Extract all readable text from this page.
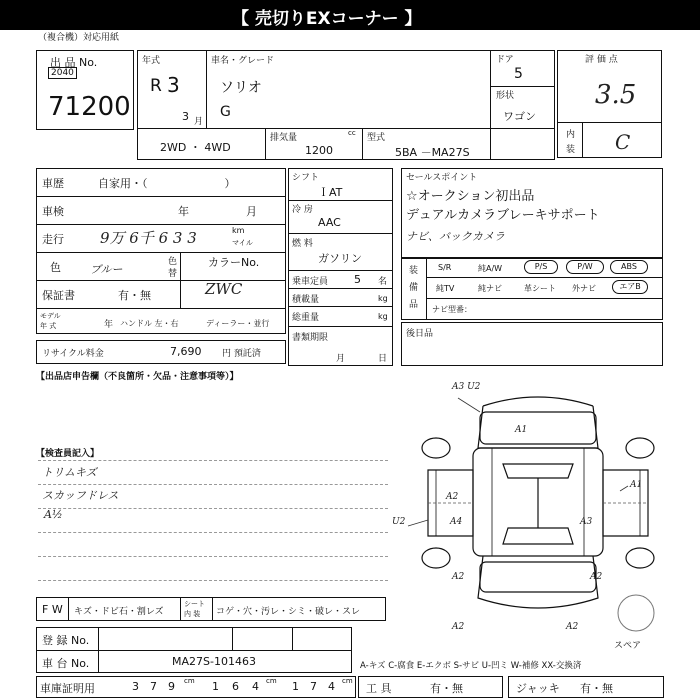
【 売切りEXコーナー 】
（複合機）対応用紙
出 品 No.
2040
71200
年式
R 3
3 月
車名・グレード
ソリオ
G
ドア
5
形状
ワゴン
2WD ・ 4WD
排気量	cc
1200
型式
5BA －MA27S
評 価 点
3.5
内
装 C
車歴	自家用・（　　　　　　　）
車検	年	月
走行 9万 6千 6 3 3	km
マイル
色	ブルー
色
替
カラーNo.
ZWC
保証書	有・無
モデル
年 式	年 ハンドル 左・右	ディーラー・並行
リサイクル料金	7,690 円 預託済
シフト
ＩAT
冷 房
AAC
燃 料
ガソリン
乗車定員 5 名
積載量	kg
総重量	kg
書類期限
月	日
セールスポイント
☆オークション初出品
デュアルカメラブレーキサポート
ナビ、バックカメラ
装
備
品
S/R	純A/W	P/S	P/W	ABS
純TV	純ナビ	革シート 外ナビ	エアB
ナビ型番：
後日品
【出品店申告欄（不良箇所・欠品・注意事項等）】
【検査員記入】
トリムキズ
スカッフドレス
A½
A3 U2
A1
A2
A4	A3
A2	A2
A2	A2
A1
U2
スペア
F W キズ・ドビ石・割レズ
シート
内 装 コゲ・穴・汚レ・シミ・破レ・スレ
登 録 No.
車 台 No.	MA27S-101463	A-キズ C-腐食 E-エクボ S-サビ U-凹ミ W-補修 XX-交換済
車庫証明用	3 7 9 cm 1 6 4 cm 1 7 4 cm
工 具	有・無	ジャッキ 有・無
